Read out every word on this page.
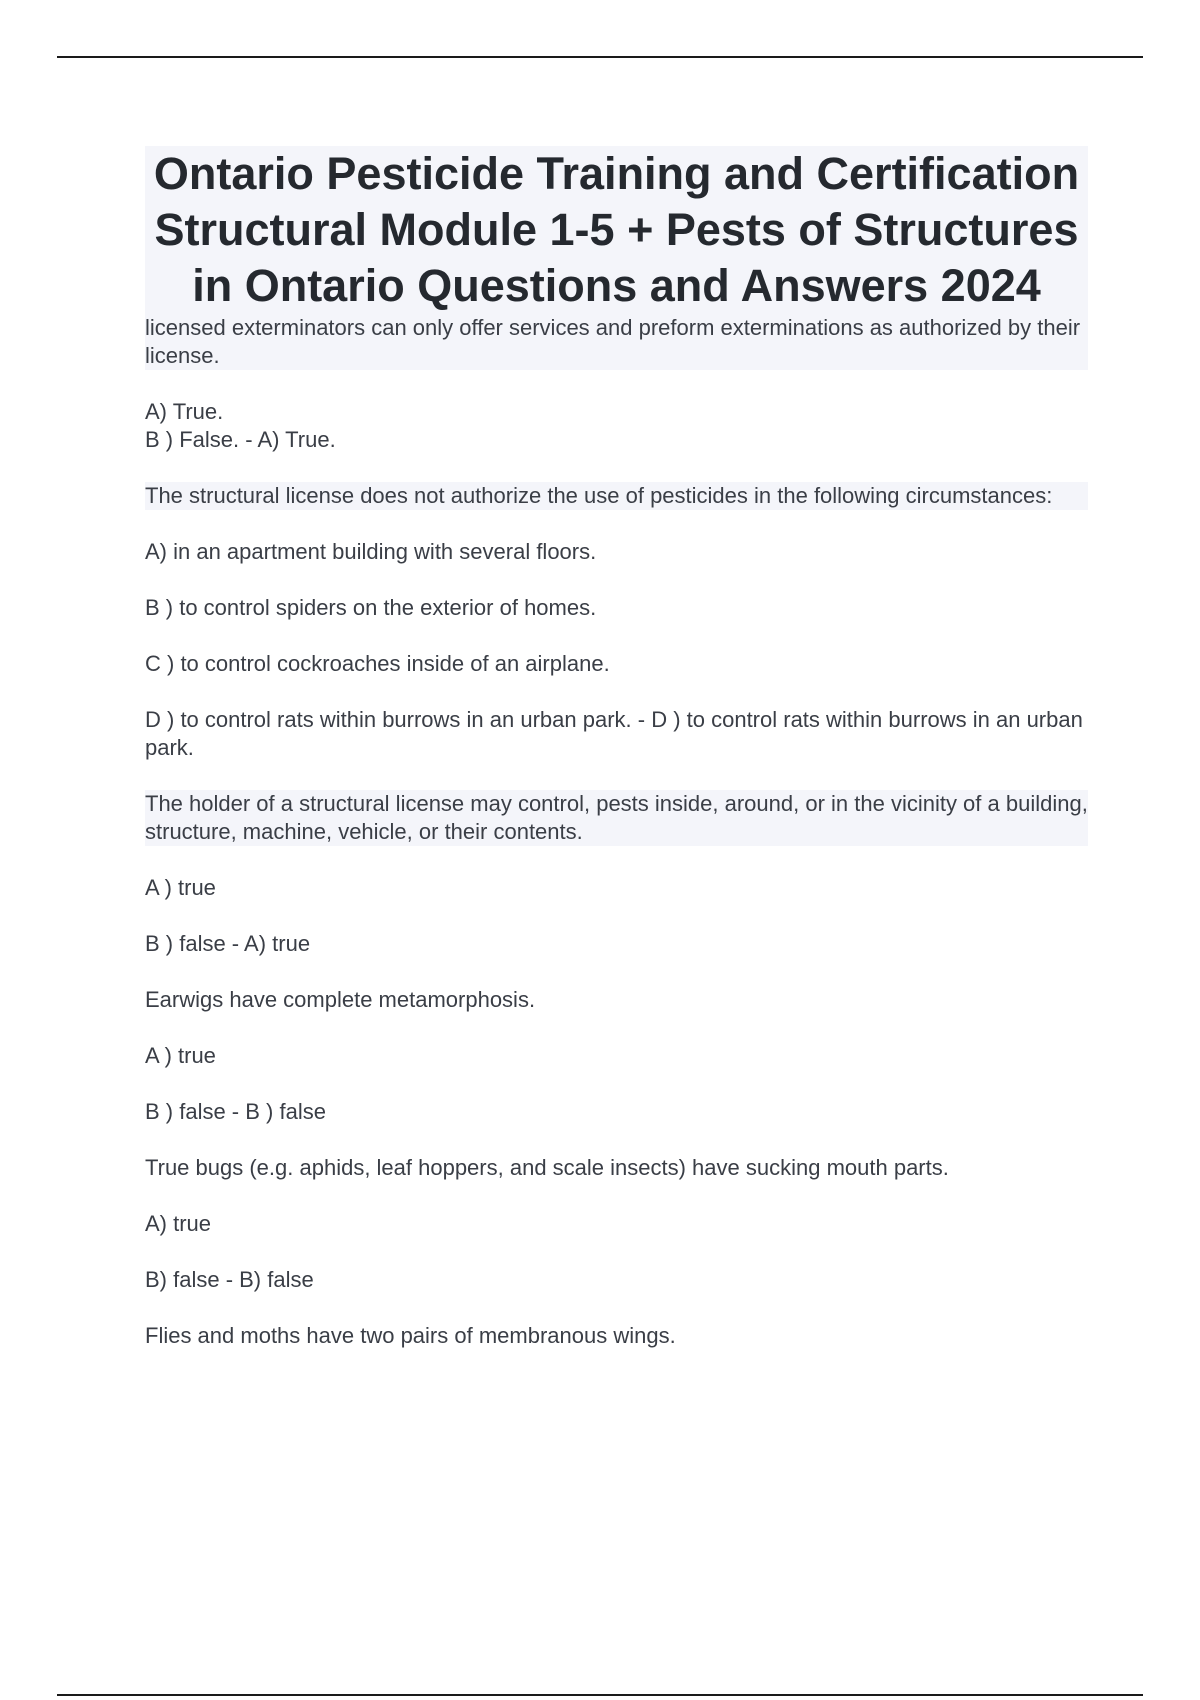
Ontario Pesticide Training and Certification Structural Module 1-5 + Pests of Structures in Ontario Questions and Answers 2024

licensed exterminators can only offer services and preform exterminations as authorized by their license.

A) True.

B ) False. - A) True.

The structural license does not authorize the use of pesticides in the following circumstances:

A) in an apartment building with several floors.

B ) to control spiders on the exterior of homes.

C ) to control cockroaches inside of an airplane.

D ) to control rats within burrows in an urban park. - D ) to control rats within burrows in an urban park.

The holder of a structural license may control, pests inside, around, or in the vicinity of a building, structure, machine, vehicle, or their contents.

A ) true

B ) false - A) true

Earwigs have complete metamorphosis.

A ) true

B ) false - B ) false

True bugs (e.g. aphids, leaf hoppers, and scale insects) have sucking mouth parts.

A) true

B) false - B) false

Flies and moths have two pairs of membranous wings.
